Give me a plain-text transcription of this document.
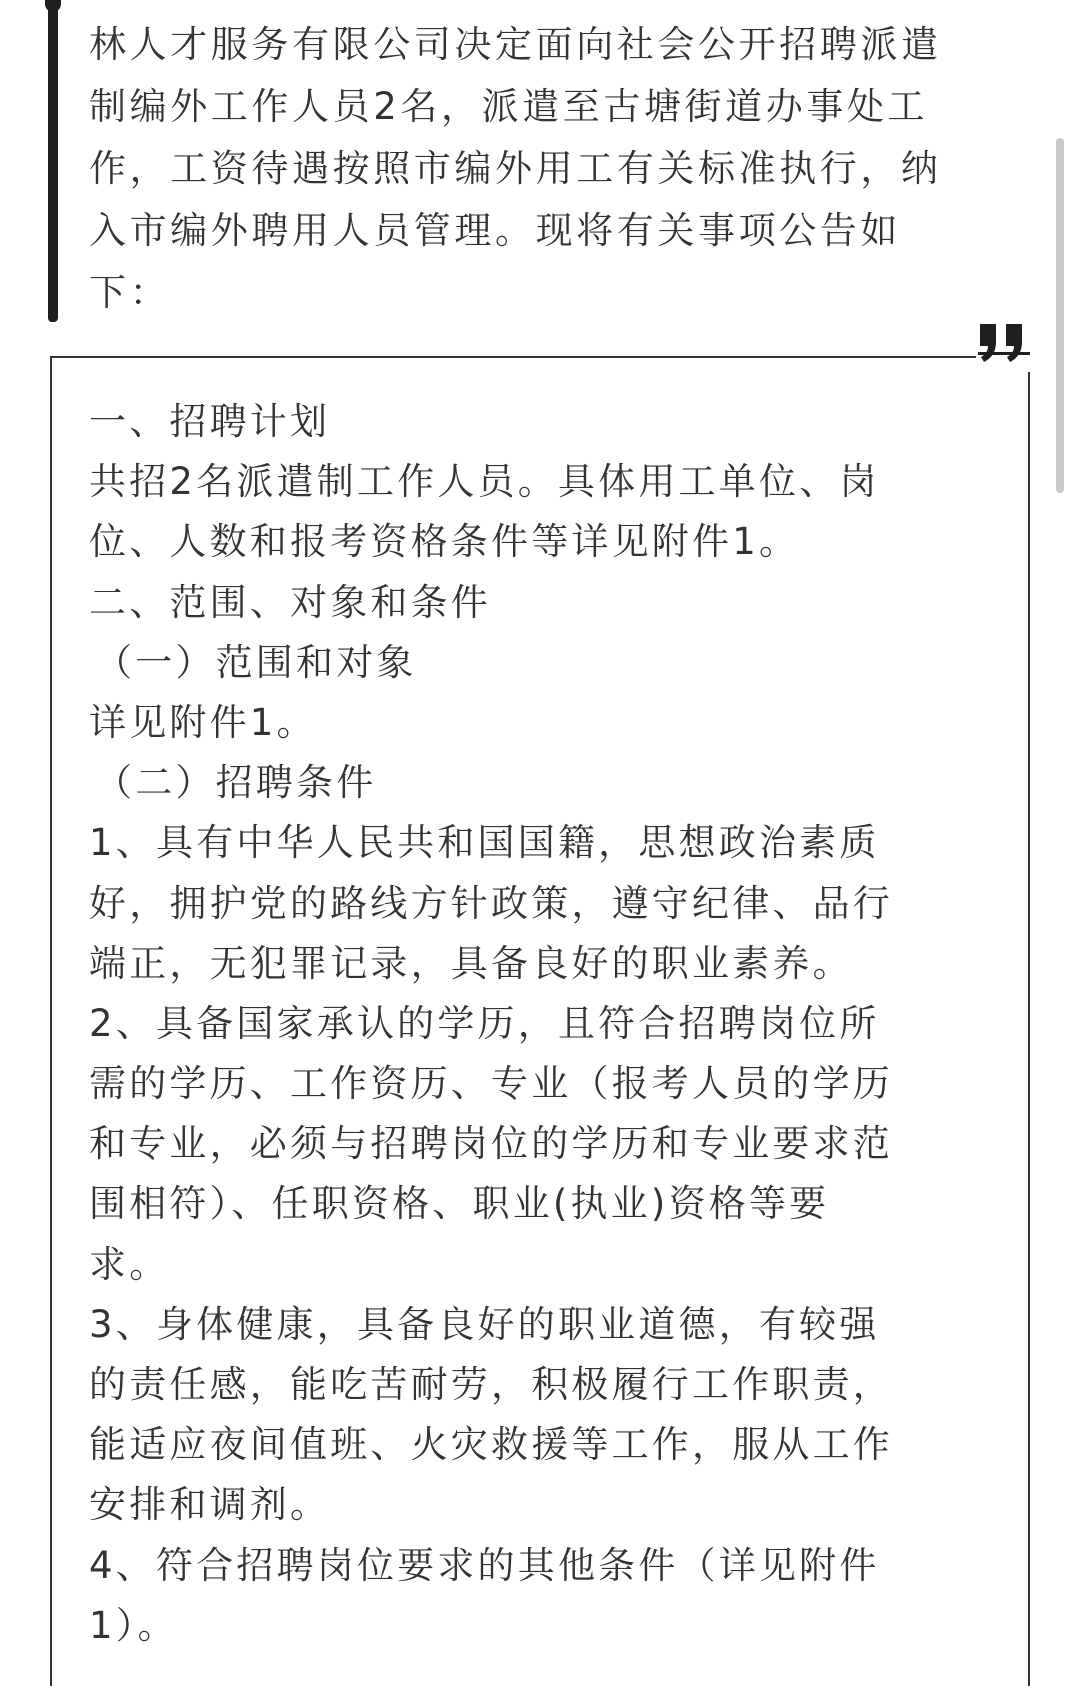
林人才服务有限公司决定面向社会公开招聘派遣
制编外工作人员2名，派遣至古塘街道办事处工
作，工资待遇按照市编外用工有关标准执行，纳
入市编外聘用人员管理。现将有关事项公告如
下：
一、招聘计划
共招2名派遣制工作人员。具体用工单位、岗
位、人数和报考资格条件等详见附件1。
二、范围、对象和条件
（一）范围和对象
详见附件1。
（二）招聘条件
1、具有中华人民共和国国籍，思想政治素质
好，拥护党的路线方针政策，遵守纪律、品行
端正，无犯罪记录，具备良好的职业素养。
2、具备国家承认的学历，且符合招聘岗位所
需的学历、工作资历、专业（报考人员的学历
和专业，必须与招聘岗位的学历和专业要求范
围相符）、任职资格、职业(执业)资格等要
求。
3、身体健康，具备良好的职业道德，有较强
的责任感，能吃苦耐劳，积极履行工作职责，
能适应夜间值班、火灾救援等工作，服从工作
安排和调剂。
4、符合招聘岗位要求的其他条件（详见附件
1）。
